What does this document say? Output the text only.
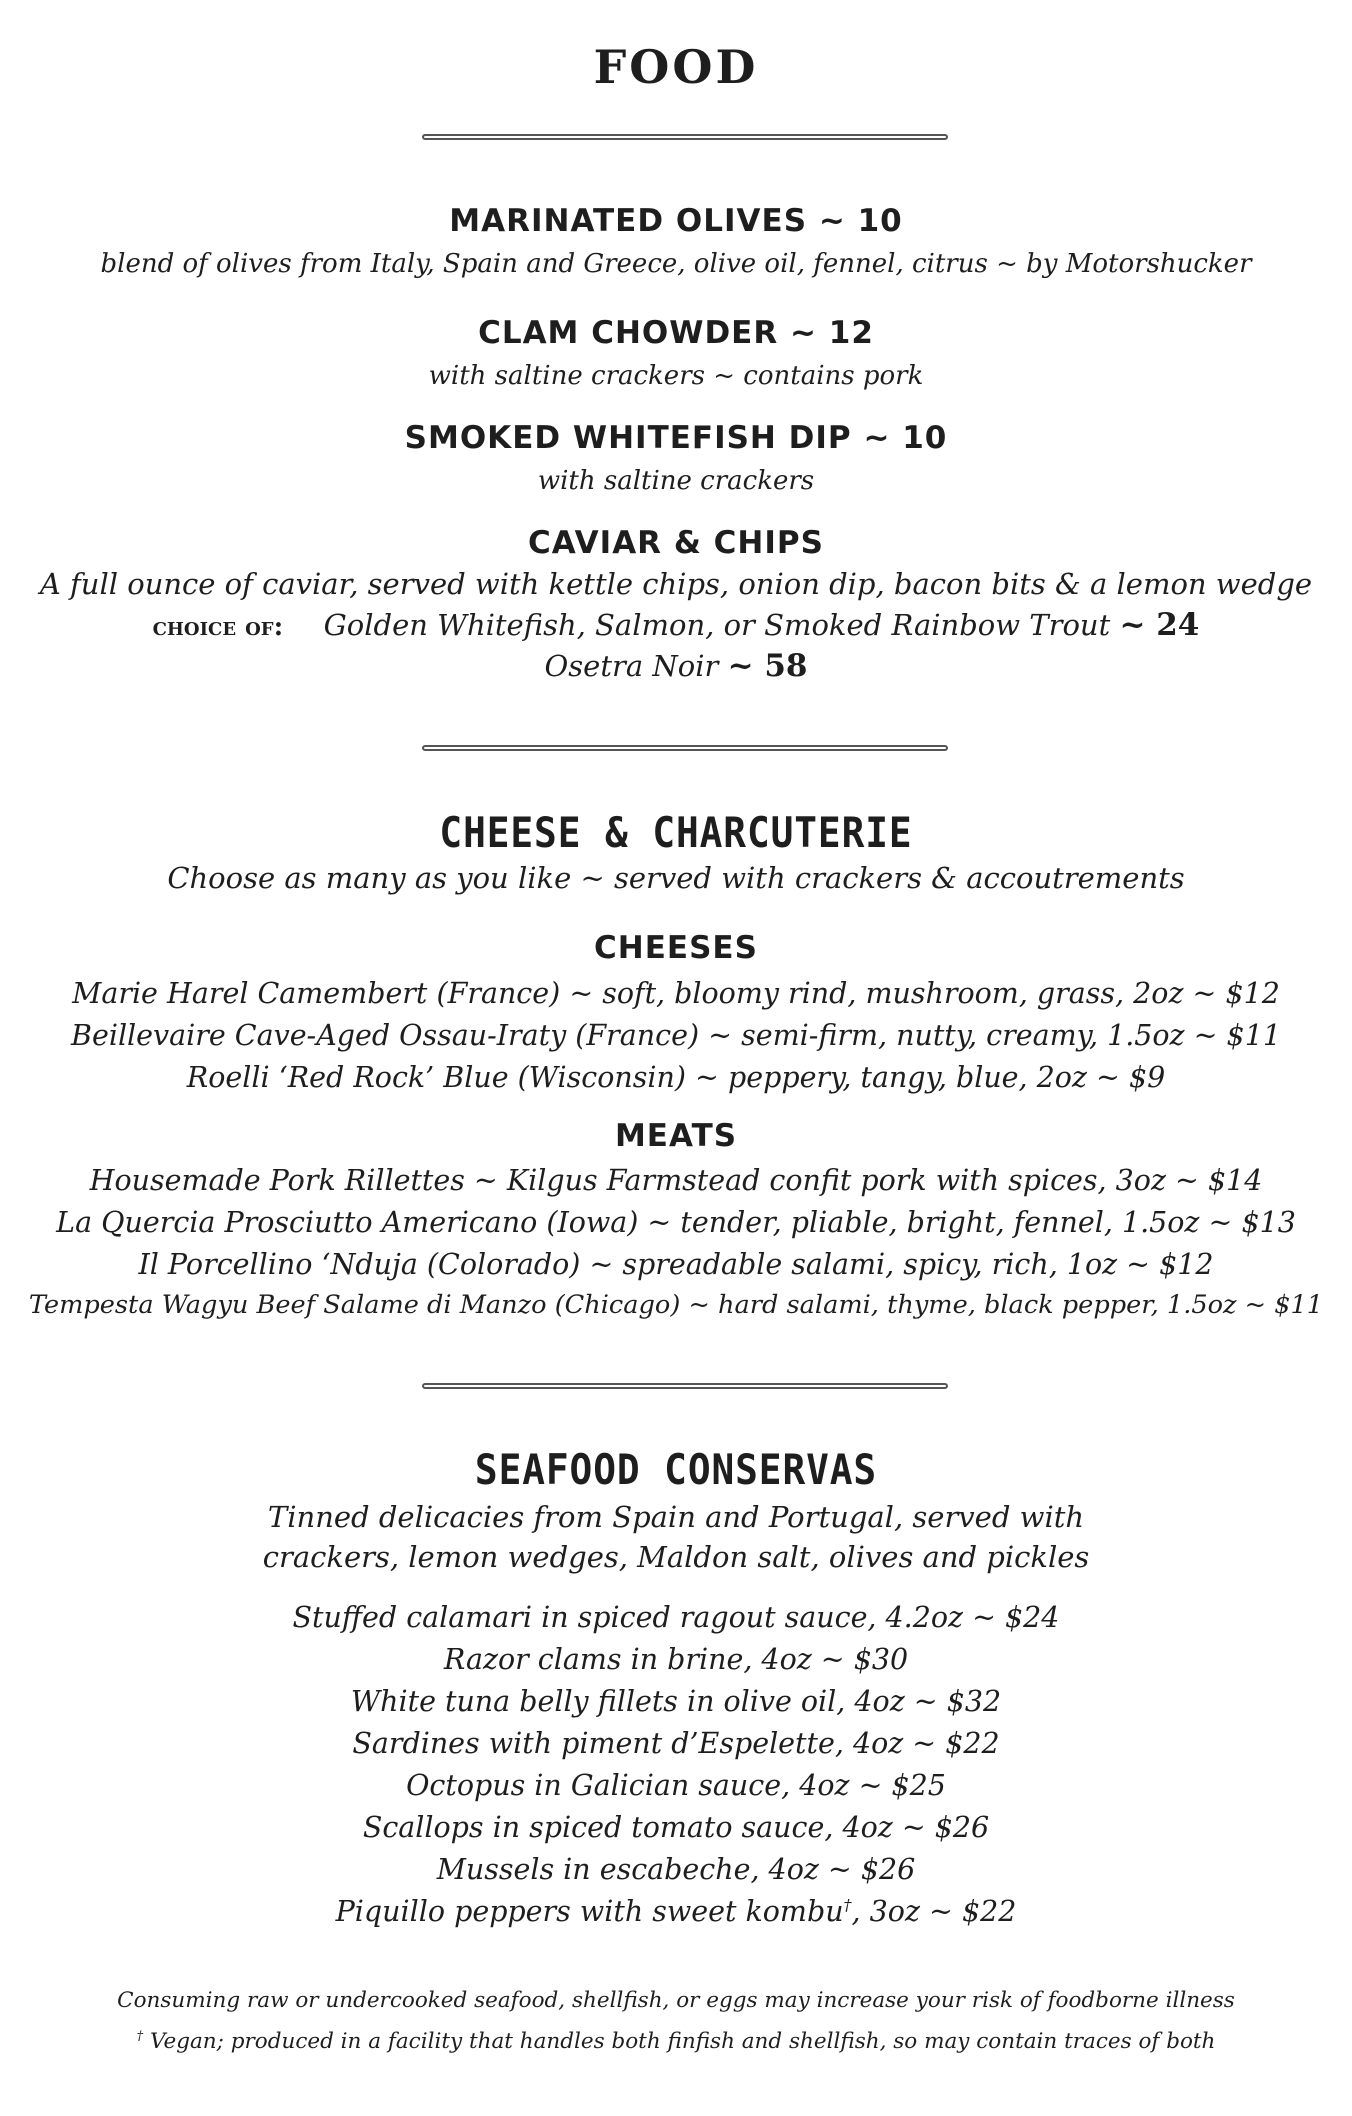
FOOD
MARINATED OLIVES ~ 10
blend of olives from Italy, Spain and Greece, olive oil, fennel, citrus ~ by Motorshucker
CLAM CHOWDER ~ 12
with saltine crackers ~ contains pork
SMOKED WHITEFISH DIP ~ 10
with saltine crackers
CAVIAR & CHIPS
A full ounce of caviar, served with kettle chips, onion dip, bacon bits & a lemon wedge
choice of: Golden Whitefish, Salmon, or Smoked Rainbow Trout ~ 24
Osetra Noir ~ 58
CHEESE & CHARCUTERIE
Choose as many as you like ~ served with crackers & accoutrements
CHEESES
Marie Harel Camembert (France) ~ soft, bloomy rind, mushroom, grass, 2oz ~ $12
Beillevaire Cave-Aged Ossau-Iraty (France) ~ semi-firm, nutty, creamy, 1.5oz ~ $11
Roelli ‘Red Rock’ Blue (Wisconsin) ~ peppery, tangy, blue, 2oz ~ $9
MEATS
Housemade Pork Rillettes ~ Kilgus Farmstead confit pork with spices, 3oz ~ $14
La Quercia Prosciutto Americano (Iowa) ~ tender, pliable, bright, fennel, 1.5oz ~ $13
Il Porcellino ‘Nduja (Colorado) ~ spreadable salami, spicy, rich, 1oz ~ $12
Tempesta Wagyu Beef Salame di Manzo (Chicago) ~ hard salami, thyme, black pepper, 1.5oz ~ $11
SEAFOOD CONSERVAS
Tinned delicacies from Spain and Portugal, served with
crackers, lemon wedges, Maldon salt, olives and pickles
Stuffed calamari in spiced ragout sauce, 4.2oz ~ $24
Razor clams in brine, 4oz ~ $30
White tuna belly fillets in olive oil, 4oz ~ $32
Sardines with piment d’Espelette, 4oz ~ $22
Octopus in Galician sauce, 4oz ~ $25
Scallops in spiced tomato sauce, 4oz ~ $26
Mussels in escabeche, 4oz ~ $26
Piquillo peppers with sweet kombu†, 3oz ~ $22
Consuming raw or undercooked seafood, shellfish, or eggs may increase your risk of foodborne illness
† Vegan; produced in a facility that handles both finfish and shellfish, so may contain traces of both
